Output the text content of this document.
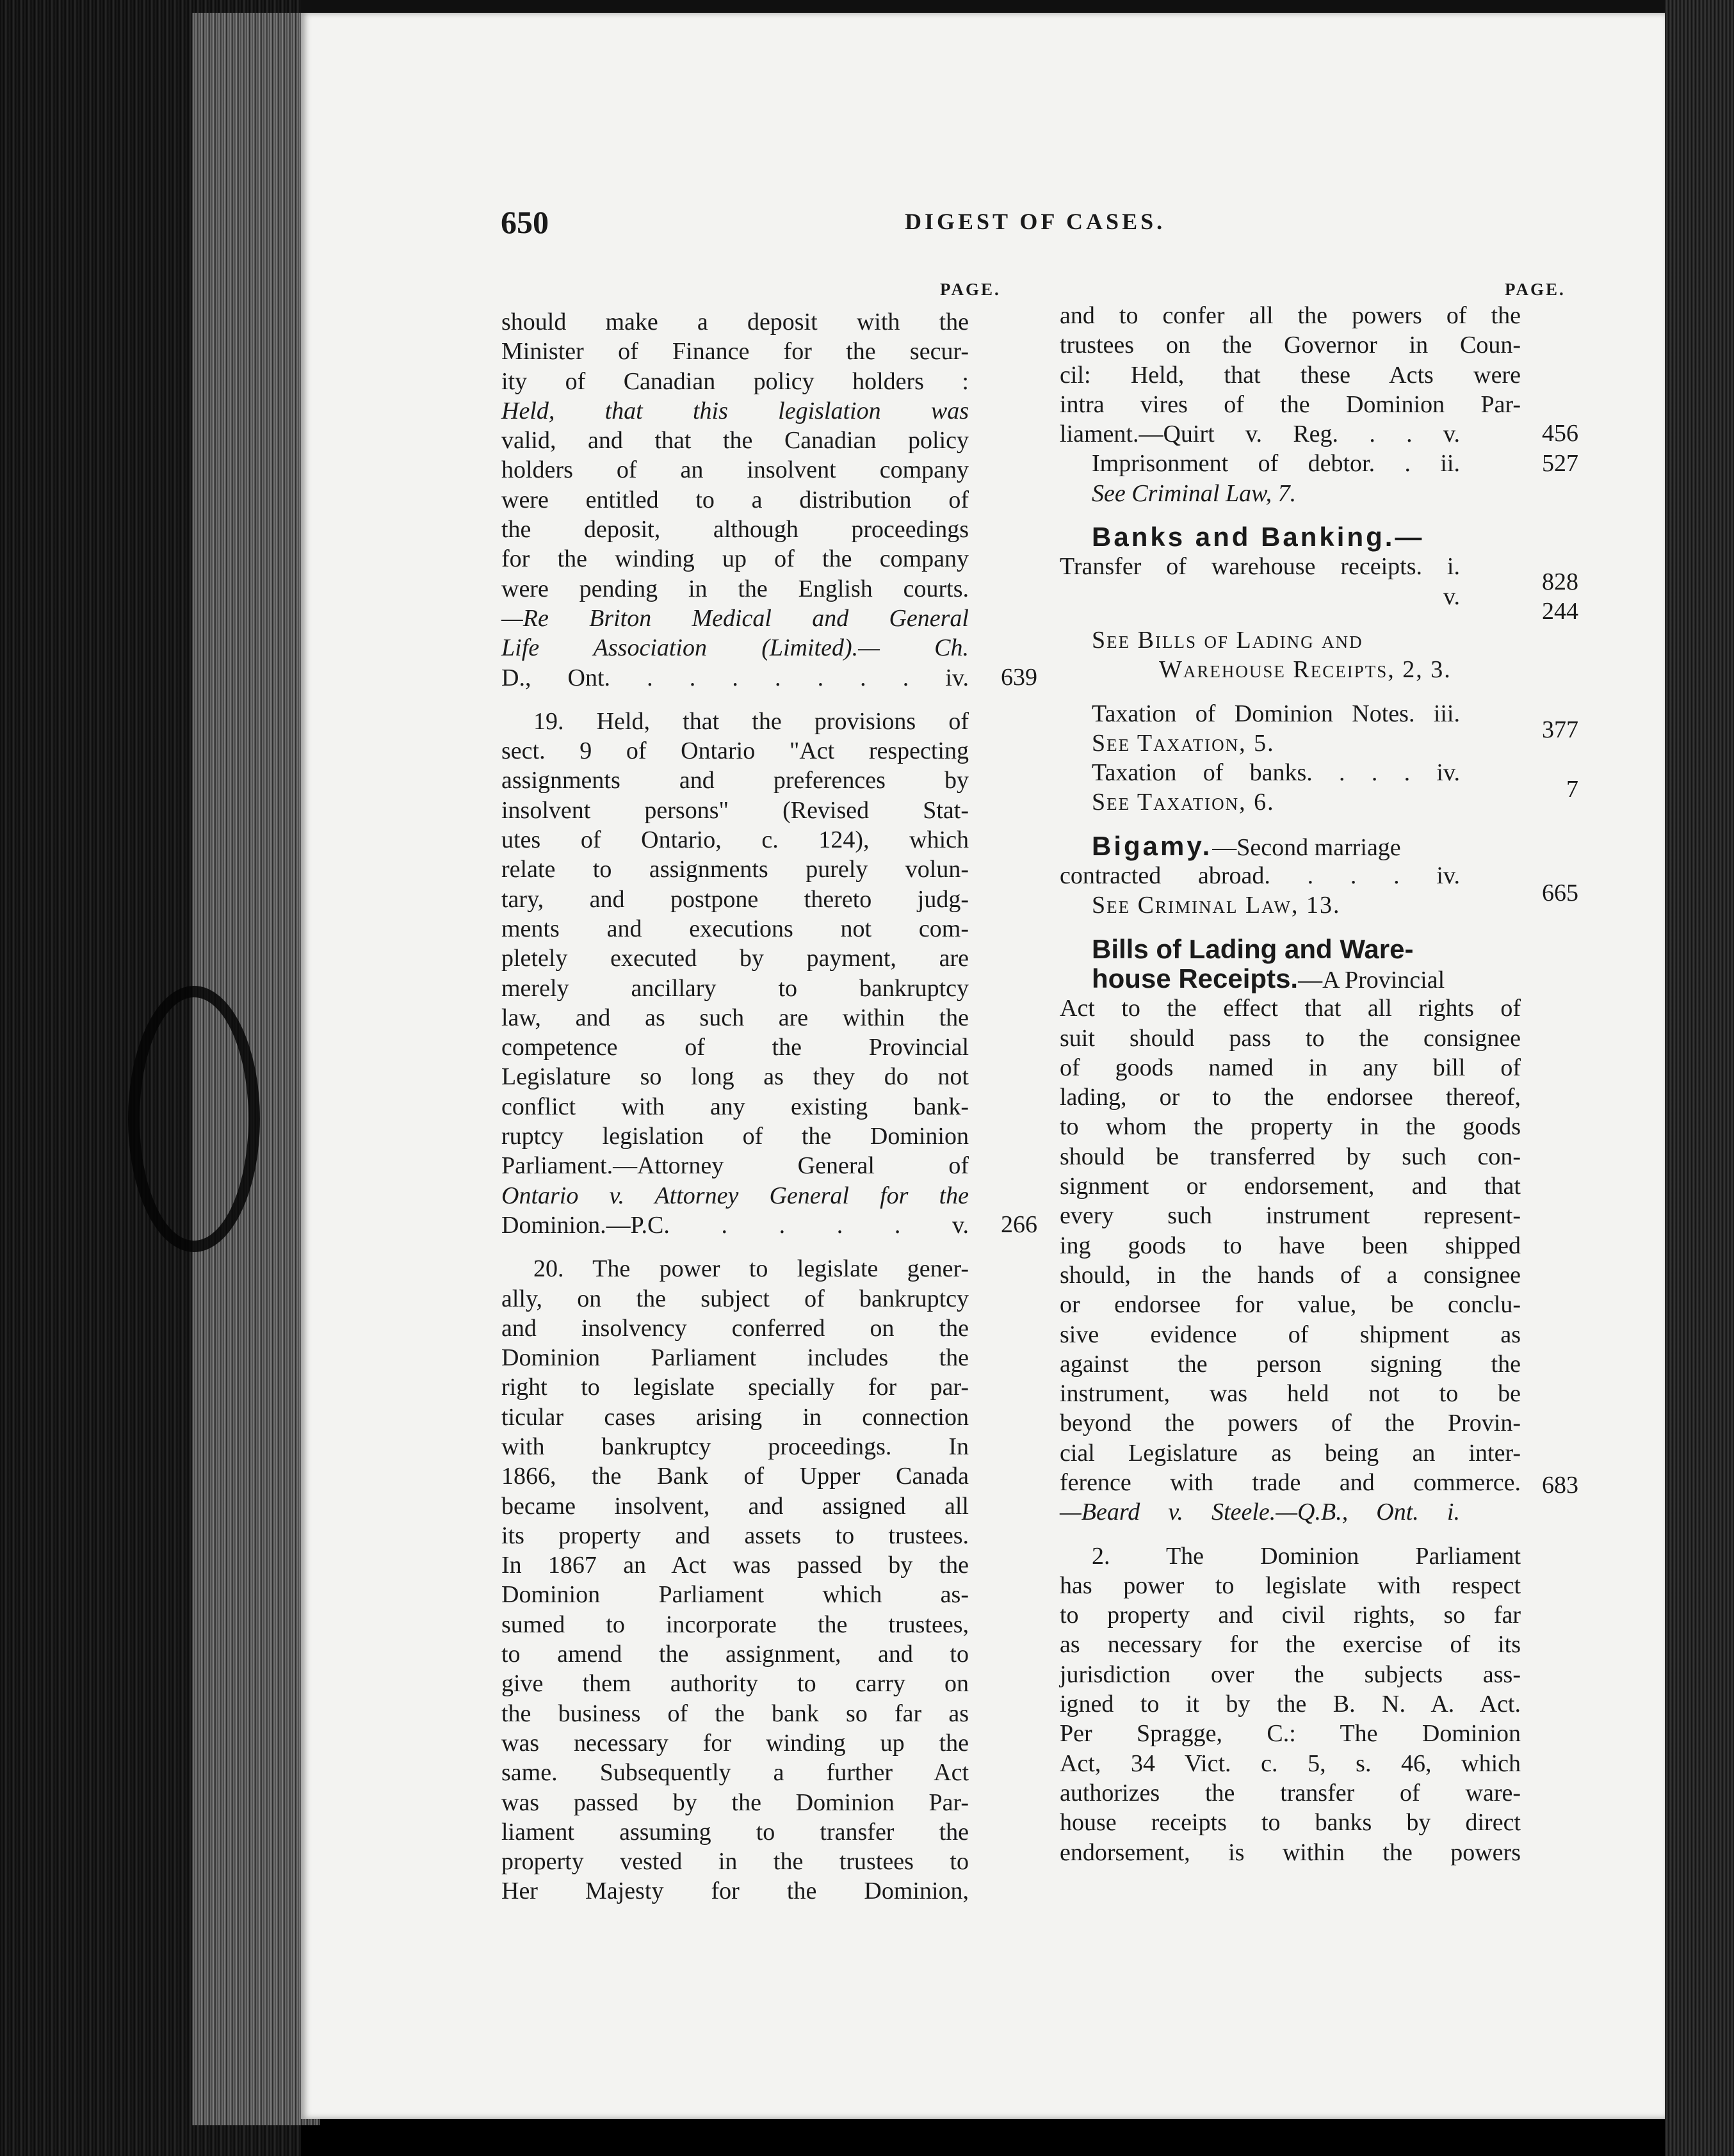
650	DIGEST OF CASES.
PAGE.	PAGE.
should make a deposit with the
Minister of Finance for the secur-
ity of Canadian policy holders :
Held, that this legislation was
valid, and that the Canadian policy
holders of an insolvent company
were entitled to a distribution of
the deposit, although proceedings
for the winding up of the company
were pending in the English courts.
—Re Briton Medical and General
Life Association (Limited).— Ch.
D., Ont. . . . . . . . iv.
19. Held, that the provisions of
sect. 9 of Ontario "Act respecting
assignments and preferences by
insolvent persons" (Revised Stat-
utes of Ontario, c. 124), which
relate to assignments purely volun-
tary, and postpone thereto judg-
ments and executions not com-
pletely executed by payment, are
merely ancillary to bankruptcy
law, and as such are within the
competence of the Provincial
Legislature so long as they do not
conflict with any existing bank-
ruptcy legislation of the Dominion
Parliament.—Attorney General of
Ontario v. Attorney General for the
Dominion.—P.C. . . . . v.
20. The power to legislate gener-
ally, on the subject of bankruptcy
and insolvency conferred on the
Dominion Parliament includes the
right to legislate specially for par-
ticular cases arising in connection
with bankruptcy proceedings. In
1866, the Bank of Upper Canada
became insolvent, and assigned all
its property and assets to trustees.
In 1867 an Act was passed by the
Dominion Parliament which as-
sumed to incorporate the trustees,
to amend the assignment, and to
give them authority to carry on
the business of the bank so far as
was necessary for winding up the
same. Subsequently a further Act
was passed by the Dominion Par-
liament assuming to transfer the
property vested in the trustees to
Her Majesty for the Dominion,
639
266
and to confer all the powers of the
trustees on the Governor in Coun-
cil: Held, that these Acts were
intra vires of the Dominion Par-
liament.—Quirt v. Reg. . . v.
Imprisonment of debtor. . ii.
See Criminal Law, 7.
Banks and Banking.—
Transfer of warehouse receipts. i.
v.
See Bills of Lading and
Warehouse Receipts, 2, 3.
Taxation of Dominion Notes. iii.
See Taxation, 5.
Taxation of banks. . . . iv.
See Taxation, 6.
Bigamy.—Second marriage
contracted abroad. . . . iv.
See Criminal Law, 13.
Bills of Lading and Ware-
house Receipts.—A Provincial
Act to the effect that all rights of
suit should pass to the consignee
of goods named in any bill of
lading, or to the endorsee thereof,
to whom the property in the goods
should be transferred by such con-
signment or endorsement, and that
every such instrument represent-
ing goods to have been shipped
should, in the hands of a consignee
or endorsee for value, be conclu-
sive evidence of shipment as
against the person signing the
instrument, was held not to be
beyond the powers of the Provin-
cial Legislature as being an inter-
ference with trade and commerce.
—Beard v. Steele.—Q.B., Ont. i.
2. The Dominion Parliament
has power to legislate with respect
to property and civil rights, so far
as necessary for the exercise of its
jurisdiction over the subjects ass-
igned to it by the B. N. A. Act.
Per Spragge, C.: The Dominion
Act, 34 Vict. c. 5, s. 46, which
authorizes the transfer of ware-
house receipts to banks by direct
endorsement, is within the powers
456
527
828
244
377
7
665
683
